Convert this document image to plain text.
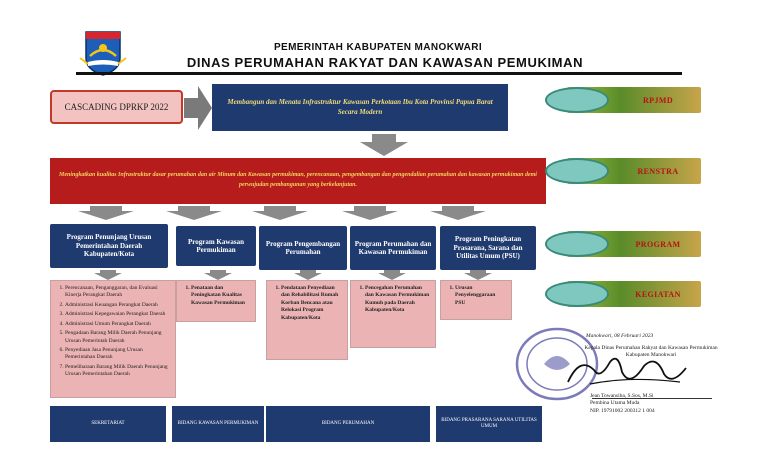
PEMERINTAH KABUPATEN MANOKWARI
DINAS PERUMAHAN RAKYAT DAN KAWASAN PEMUKIMAN
CASCADING DPRKP 2022	Membangun dan Menata Infrastruktur Kawasan Perkotaan Ibu Kota Provinsi Papua Barat Secara Modern
Meningkatkan kualitas Infrastruktur dasar perumahan dan air Minum dan Kawasan permukiman, perencanaan, pengembangan dan pengendalian perumahan dan kawasan permukiman demi perwujudan pembangunan yang berkelanjutan.
Program Penunjang Urusan Pemerintahan Daerah Kabupaten/Kota
Program Kawasan Permukiman
Program Pengembangan Perumahan
Program Perumahan dan Kawasan Permukiman
Program Peningkatan Prasarana, Sarana dan Utilitas Umum (PSU)
1. Perencanaan, Penganggaran, dan Evaluasi Kinerja Perangkat Daerah
2. Administrasi Keuangan Perangkat Daerah
3. Administrasi Kepegawaian Perangkat Daerah
4. Administrasi Umum Perangkat Daerah
5. Pengadaan Barang Milik Daerah Penunjang Urusan Pemerintah Daerah
6. Penyediaan Jasa Penunjang Urusan Pemerintahan Daerah
7. Pemeliharaan Barang Milik Daerah Penunjang Urusan Pemerintahan Daerah
1. Penataan dan Peningkatan Kualitas Kawasan Permukiman
1. Pendataan Penyediaan dan Rehabilitasi Rumah Korban Bencana atau Relokasi Program Kabupaten/Kota
1. Pencegahan Perumahan dan Kawasan Permukiman Kumuh pada Daerah Kabupaten/Kota
1. Urusan Penyelenggaraan PSU
SEKRETARIAT	BIDANG KAWASAN PERMUKIMAN	BIDANG PERUMAHAN
BIDANG PRASARANA SARANA UTILITAS UMUM
RPJMD
RENSTRA
PROGRAM
KEGIATAN
Manokwari, 08 Februari 2023
Kepala Dinas Perumahan Rakyat dan Kawasan Permukiman
Kabupaten Manokwari
Jean Towansiba, S.Sos, M.Si
Pembina Utama Muda
NIP. 19791002 200312 1 004
